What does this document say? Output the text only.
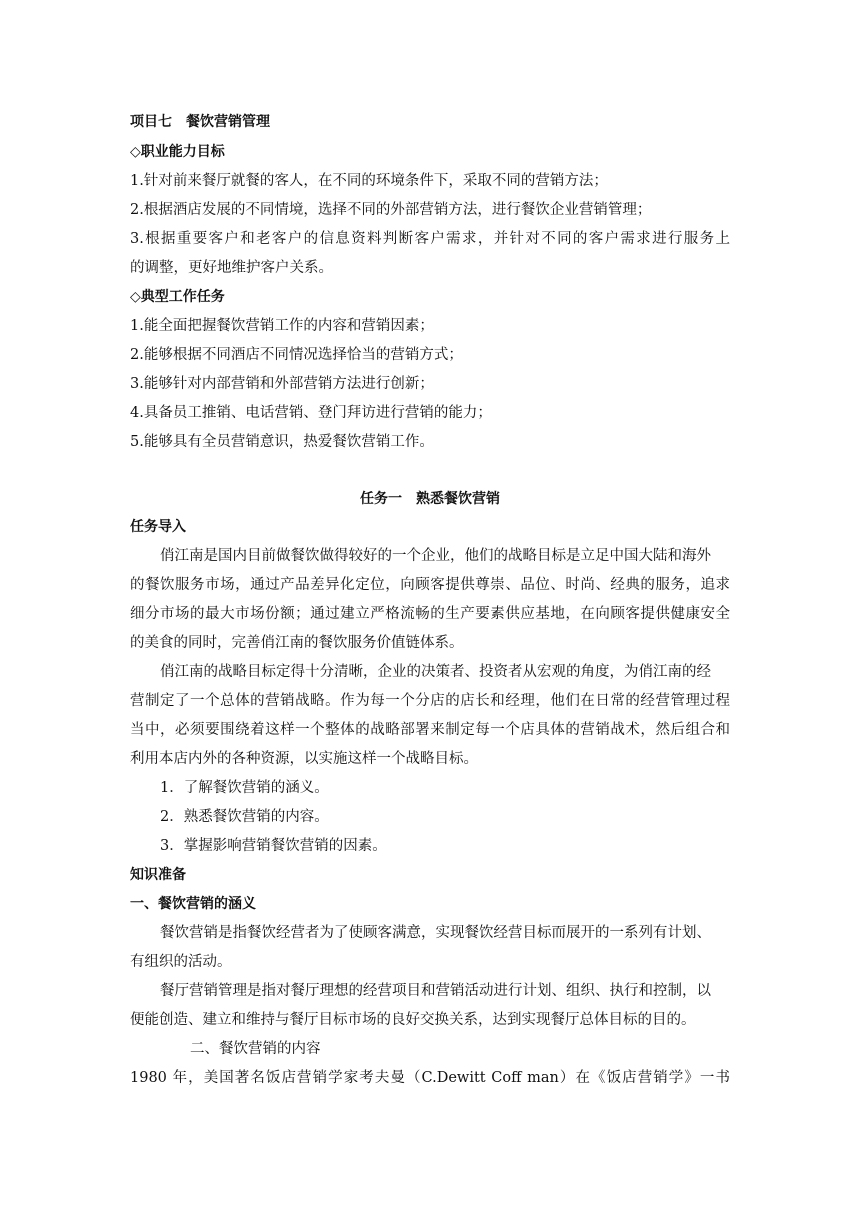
项目七　餐饮营销管理
◇职业能力目标
1.针对前来餐厅就餐的客人，在不同的环境条件下，采取不同的营销方法；
2.根据酒店发展的不同情境，选择不同的外部营销方法，进行餐饮企业营销管理；
3.根据重要客户和老客户的信息资料判断客户需求，并针对不同的客户需求进行服务上
的调整，更好地维护客户关系。
◇典型工作任务
1.能全面把握餐饮营销工作的内容和营销因素；
2.能够根据不同酒店不同情况选择恰当的营销方式；
3.能够针对内部营销和外部营销方法进行创新；
4.具备员工推销、电话营销、登门拜访进行营销的能力；
5.能够具有全员营销意识，热爱餐饮营销工作。
任务一　熟悉餐饮营销
任务导入
俏江南是国内目前做餐饮做得较好的一个企业，他们的战略目标是立足中国大陆和海外
的餐饮服务市场，通过产品差异化定位，向顾客提供尊崇、品位、时尚、经典的服务，追求
细分市场的最大市场份额；通过建立严格流畅的生产要素供应基地，在向顾客提供健康安全
的美食的同时，完善俏江南的餐饮服务价值链体系。
俏江南的战略目标定得十分清晰，企业的决策者、投资者从宏观的角度，为俏江南的经
营制定了一个总体的营销战略。作为每一个分店的店长和经理，他们在日常的经营管理过程
当中，必须要围绕着这样一个整体的战略部署来制定每一个店具体的营销战术，然后组合和
利用本店内外的各种资源，以实施这样一个战略目标。
1．了解餐饮营销的涵义。
2．熟悉餐饮营销的内容。
3．掌握影响营销餐饮营销的因素。
知识准备
一、餐饮营销的涵义
餐饮营销是指餐饮经营者为了使顾客满意，实现餐饮经营目标而展开的一系列有计划、
有组织的活动。
餐厅营销管理是指对餐厅理想的经营项目和营销活动进行计划、组织、执行和控制，以
便能创造、建立和维持与餐厅目标市场的良好交换关系，达到实现餐厅总体目标的目的。
二、餐饮营销的内容
1980 年，美国著名饭店营销学家考夫曼（C.Dewitt Coff man）在《饭店营销学》一书
